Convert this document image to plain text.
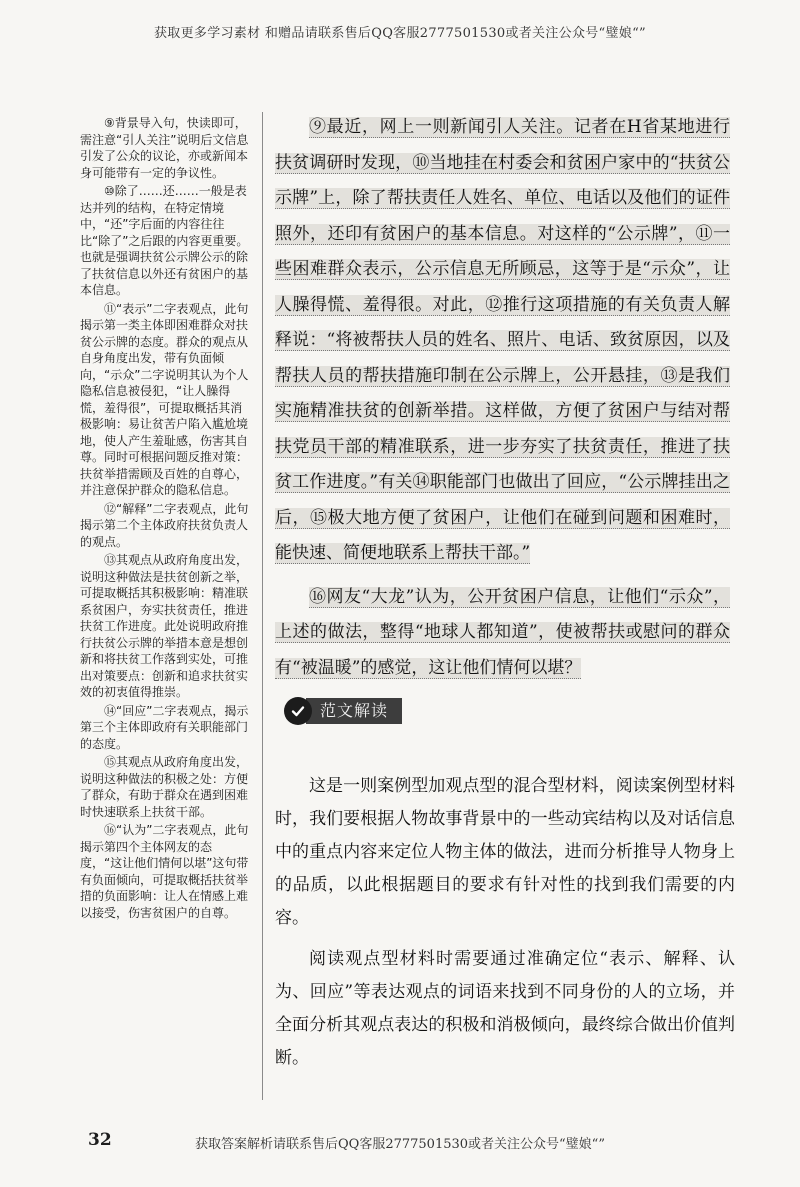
获取更多学习素材 和赠品请联系售后QQ客服2777501530或者关注公众号“璧娘“”

⑨背景导入句，快读即可，需注意“引人关注”说明后文信息引发了公众的议论，亦或新闻本身可能带有一定的争议性。

⑩除了……还……一般是表达并列的结构，在特定情境中，“还”字后面的内容往往比“除了”之后跟的内容更重要。也就是强调扶贫公示牌公示的除了扶贫信息以外还有贫困户的基本信息。

⑪“表示”二字表观点，此句揭示第一类主体即困难群众对扶贫公示牌的态度。群众的观点从自身角度出发，带有负面倾向，“示众”二字说明其认为个人隐私信息被侵犯，“让人臊得慌，羞得很”，可提取概括其消极影响：易让贫苦户陷入尴尬境地，使人产生羞耻感，伤害其自尊。同时可根据问题反推对策：扶贫举措需顾及百姓的自尊心，并注意保护群众的隐私信息。

⑫“解释”二字表观点，此句揭示第二个主体政府扶贫负责人的观点。

⑬其观点从政府角度出发，说明这种做法是扶贫创新之举，可提取概括其积极影响：精准联系贫困户，夯实扶贫责任，推进扶贫工作进度。此处说明政府推行扶贫公示牌的举措本意是想创新和将扶贫工作落到实处，可推出对策要点：创新和追求扶贫实效的初衷值得推崇。

⑭“回应”二字表观点，揭示第三个主体即政府有关职能部门的态度。

⑮其观点从政府角度出发，说明这种做法的积极之处：方便了群众，有助于群众在遇到困难时快速联系上扶贫干部。

⑯“认为”二字表观点，此句揭示第四个主体网友的态度，“这让他们情何以堪”这句带有负面倾向，可提取概括扶贫举措的负面影响：让人在情感上难以接受，伤害贫困户的自尊。

⑨最近，网上一则新闻引人关注。记者在H省某地进行扶贫调研时发现，⑩当地挂在村委会和贫困户家中的“扶贫公示牌”上，除了帮扶责任人姓名、单位、电话以及他们的证件照外，还印有贫困户的基本信息。对这样的“公示牌”，⑪一些困难群众表示，公示信息无所顾忌，这等于是“示众”，让人臊得慌、羞得很。对此，⑫推行这项措施的有关负责人解释说：“将被帮扶人员的姓名、照片、电话、致贫原因，以及帮扶人员的帮扶措施印制在公示牌上，公开悬挂，⑬是我们实施精准扶贫的创新举措。这样做，方便了贫困户与结对帮扶党员干部的精准联系，进一步夯实了扶贫责任，推进了扶贫工作进度。”有关⑭职能部门也做出了回应，“公示牌挂出之后，⑮极大地方便了贫困户，让他们在碰到问题和困难时，能快速、简便地联系上帮扶干部。”

⑯网友“大龙”认为，公开贫困户信息，让他们“示众”，上述的做法，整得“地球人都知道”，使被帮扶或慰问的群众有“被温暖”的感觉，这让他们情何以堪？

范文解读

这是一则案例型加观点型的混合型材料，阅读案例型材料时，我们要根据人物故事背景中的一些动宾结构以及对话信息中的重点内容来定位人物主体的做法，进而分析推导人物身上的品质，以此根据题目的要求有针对性的找到我们需要的内容。

阅读观点型材料时需要通过准确定位“表示、解释、认为、回应”等表达观点的词语来找到不同身份的人的立场，并全面分析其观点表达的积极和消极倾向，最终综合做出价值判断。

32	获取答案解析请联系售后QQ客服2777501530或者关注公众号“璧娘“”
